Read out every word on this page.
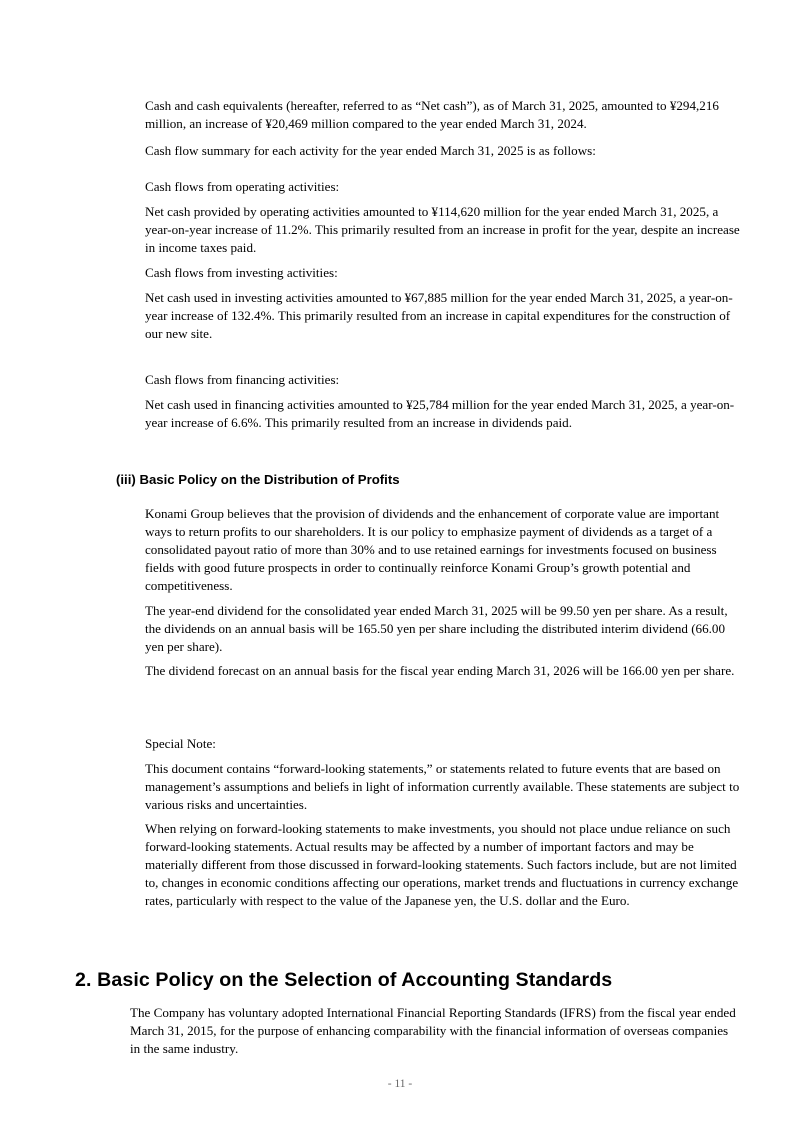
Cash and cash equivalents (hereafter, referred to as “Net cash”), as of March 31, 2025, amounted to ¥294,216 million, an increase of ¥20,469 million compared to the year ended March 31, 2024.

Cash flow summary for each activity for the year ended March 31, 2025 is as follows:

Cash flows from operating activities:

Net cash provided by operating activities amounted to ¥114,620 million for the year ended March 31, 2025, a year-on-year increase of 11.2%. This primarily resulted from an increase in profit for the year, despite an increase in income taxes paid.

Cash flows from investing activities:

Net cash used in investing activities amounted to ¥67,885 million for the year ended March 31, 2025, a year-on-year increase of 132.4%. This primarily resulted from an increase in capital expenditures for the construction of our new site.

Cash flows from financing activities:

Net cash used in financing activities amounted to ¥25,784 million for the year ended March 31, 2025, a year-on-year increase of 6.6%. This primarily resulted from an increase in dividends paid.

(iii) Basic Policy on the Distribution of Profits

Konami Group believes that the provision of dividends and the enhancement of corporate value are important ways to return profits to our shareholders. It is our policy to emphasize payment of dividends as a target of a consolidated payout ratio of more than 30% and to use retained earnings for investments focused on business fields with good future prospects in order to continually reinforce Konami Group’s growth potential and competitiveness.

The year-end dividend for the consolidated year ended March 31, 2025 will be 99.50 yen per share. As a result, the dividends on an annual basis will be 165.50 yen per share including the distributed interim dividend (66.00 yen per share).

The dividend forecast on an annual basis for the fiscal year ending March 31, 2026 will be 166.00 yen per share.

Special Note:

This document contains “forward-looking statements,” or statements related to future events that are based on management’s assumptions and beliefs in light of information currently available. These statements are subject to various risks and uncertainties.

When relying on forward-looking statements to make investments, you should not place undue reliance on such forward-looking statements. Actual results may be affected by a number of important factors and may be materially different from those discussed in forward-looking statements. Such factors include, but are not limited to, changes in economic conditions affecting our operations, market trends and fluctuations in currency exchange rates, particularly with respect to the value of the Japanese yen, the U.S. dollar and the Euro.

2. Basic Policy on the Selection of Accounting Standards

The Company has voluntary adopted International Financial Reporting Standards (IFRS) from the fiscal year ended March 31, 2015, for the purpose of enhancing comparability with the financial information of overseas companies in the same industry.

- 11 -
